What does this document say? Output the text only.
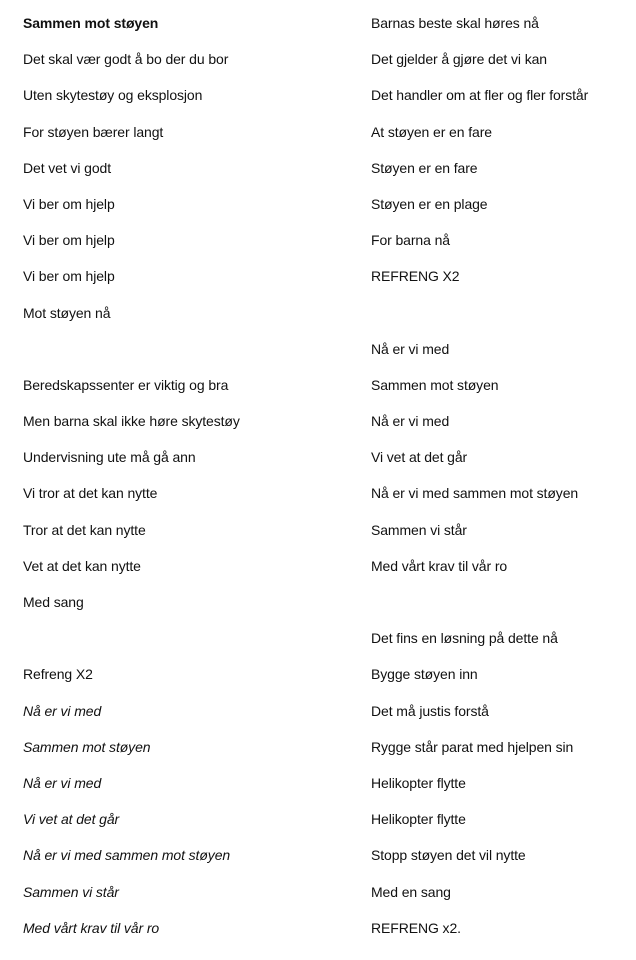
Sammen mot støyen
Det skal vær godt å bo der du bor
Uten skytestøy og eksplosjon
For støyen bærer langt
Det vet vi godt
Vi ber om hjelp
Vi ber om hjelp
Vi ber om hjelp
Mot støyen nå
Beredskapssenter er viktig og bra
Men barna skal ikke høre skytestøy
Undervisning ute må gå ann
Vi tror at det kan nytte
Tror at det kan nytte
Vet at det kan nytte
Med sang
Refreng X2
Nå er vi med
Sammen mot støyen
Nå er vi med
Vi vet at det går
Nå er vi med sammen mot støyen
Sammen vi står
Med vårt krav til vår ro
Barnas beste skal høres nå
Det gjelder å gjøre det vi kan
Det handler om at fler og fler forstår
At støyen er en fare
Støyen er en fare
Støyen er en plage
For barna nå
REFRENG X2
Nå er vi med
Sammen mot støyen
Nå er vi med
Vi vet at det går
Nå er vi med sammen mot støyen
Sammen vi står
Med vårt krav til vår ro
Det fins en løsning på dette nå
Bygge støyen inn
Det må justis forstå
Rygge står parat med hjelpen sin
Helikopter flytte
Helikopter flytte
Stopp støyen det vil nytte
Med en sang
REFRENG x2.
